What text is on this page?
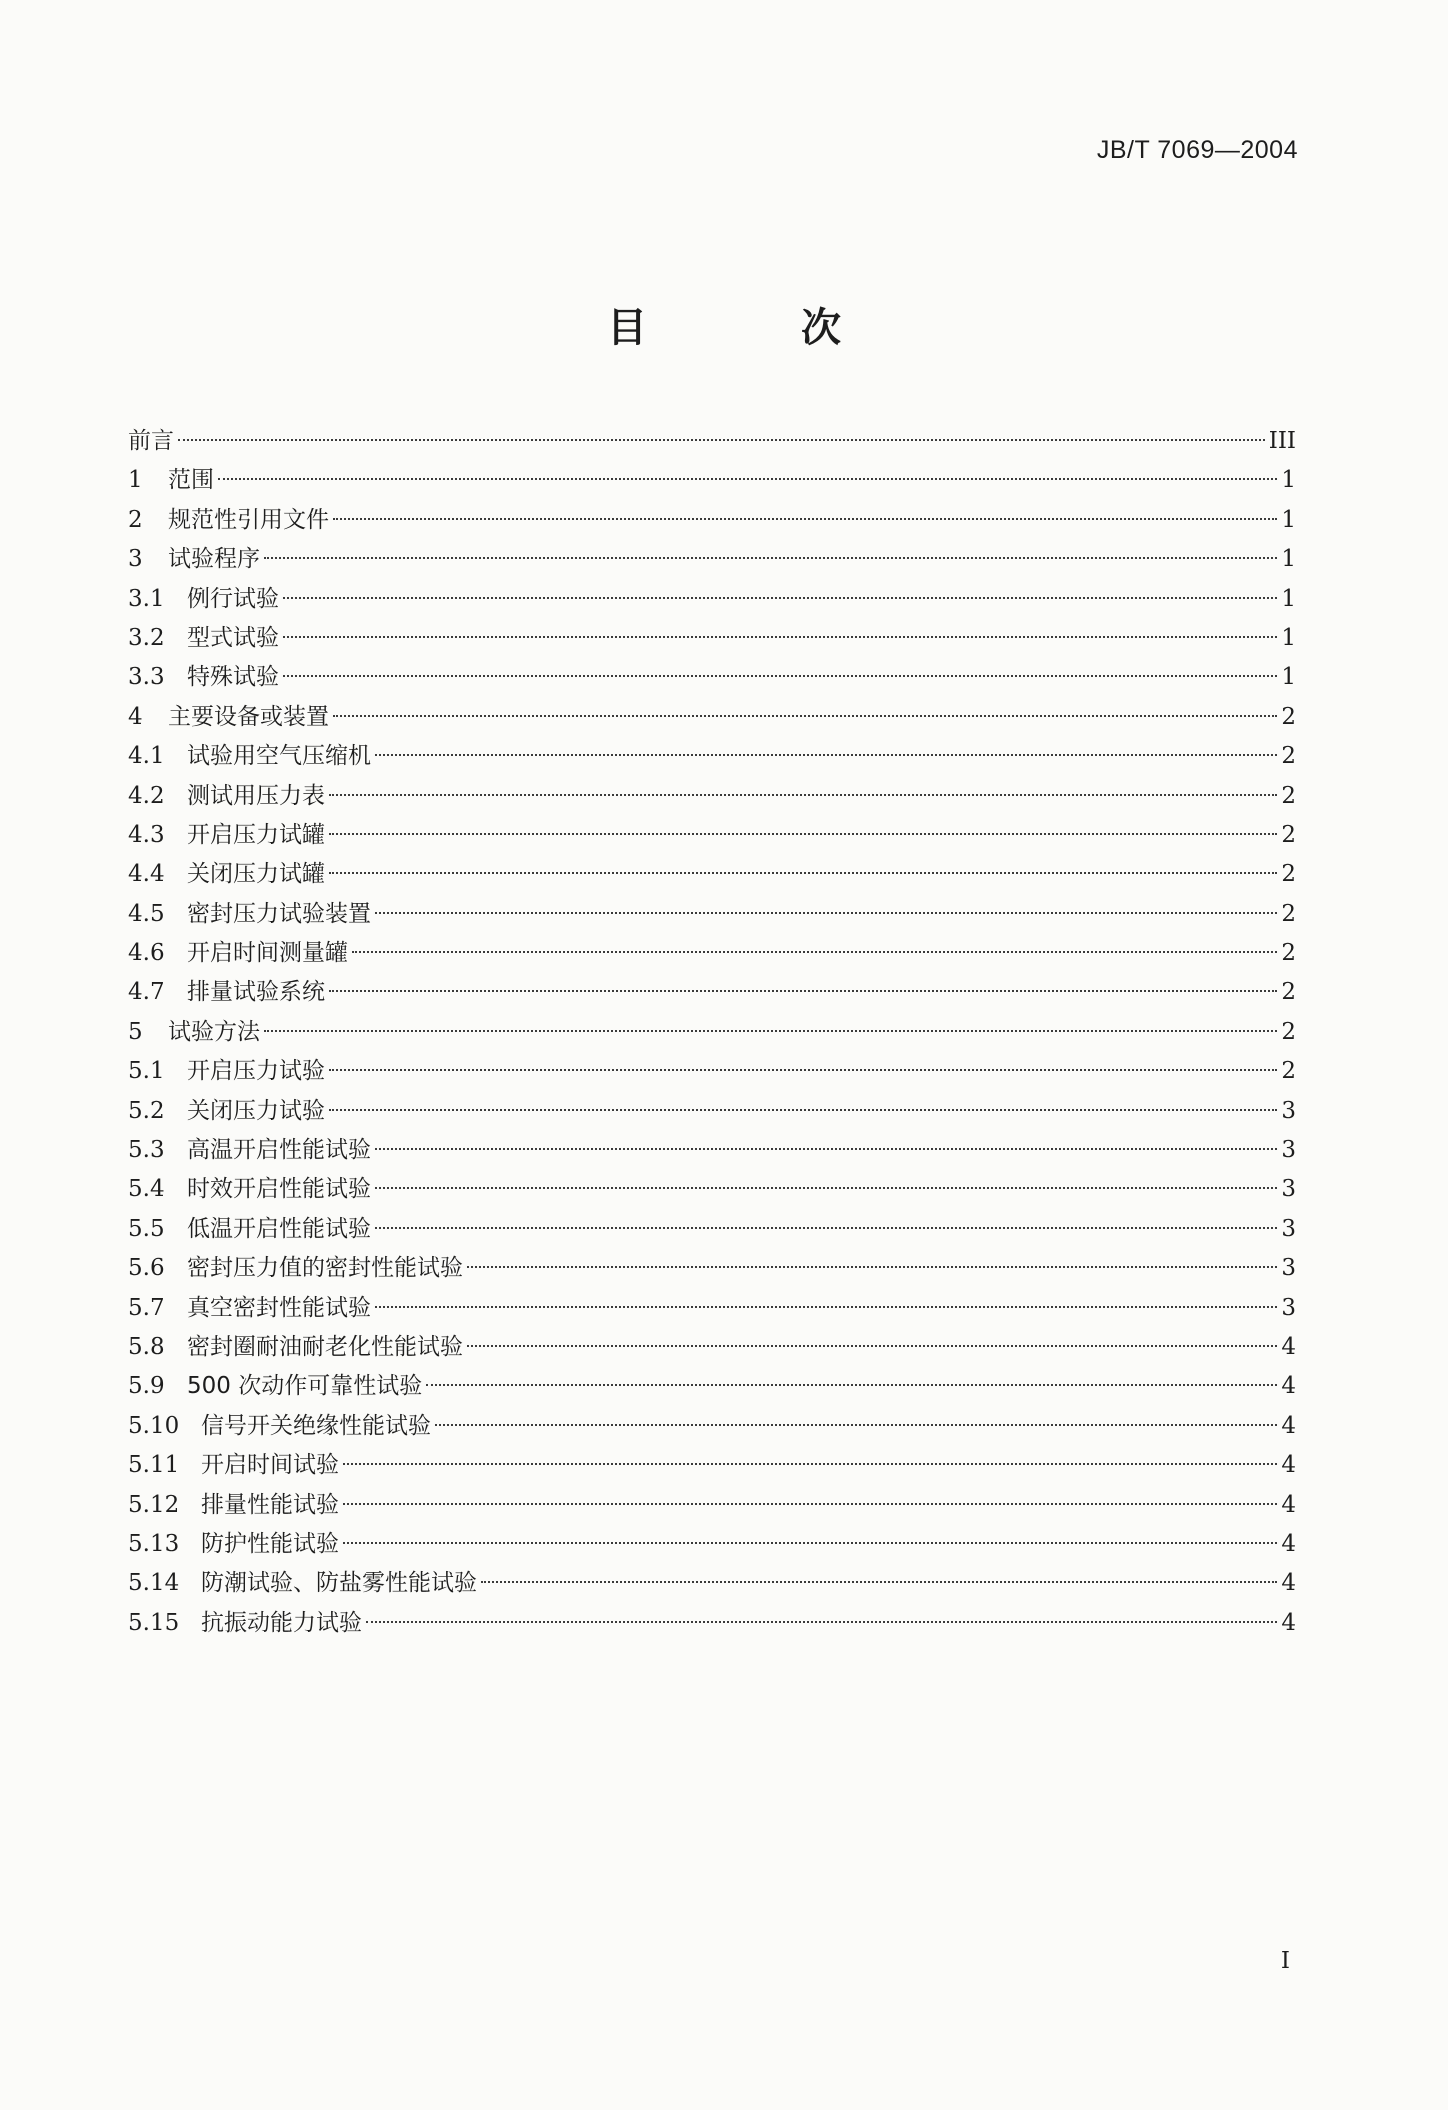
JB/T 7069—2004
目 次
前言	III
1	范围	1
2	规范性引用文件	1
3	试验程序	1
3.1 例行试验	1
3.2 型式试验	1
3.3 特殊试验	1
4	主要设备或装置	2
4.1 试验用空气压缩机	2
4.2 测试用压力表	2
4.3 开启压力试罐	2
4.4 关闭压力试罐	2
4.5 密封压力试验装置	2
4.6 开启时间测量罐	2
4.7 排量试验系统	2
5	试验方法	2
5.1 开启压力试验	2
5.2 关闭压力试验	3
5.3 高温开启性能试验	3
5.4 时效开启性能试验	3
5.5 低温开启性能试验	3
5.6 密封压力值的密封性能试验	3
5.7 真空密封性能试验	3
5.8 密封圈耐油耐老化性能试验	4
5.9 500 次动作可靠性试验	4
5.10 信号开关绝缘性能试验	4
5.11 开启时间试验	4
5.12 排量性能试验	4
5.13 防护性能试验	4
5.14 防潮试验、防盐雾性能试验	4
5.15 抗振动能力试验	4
I
